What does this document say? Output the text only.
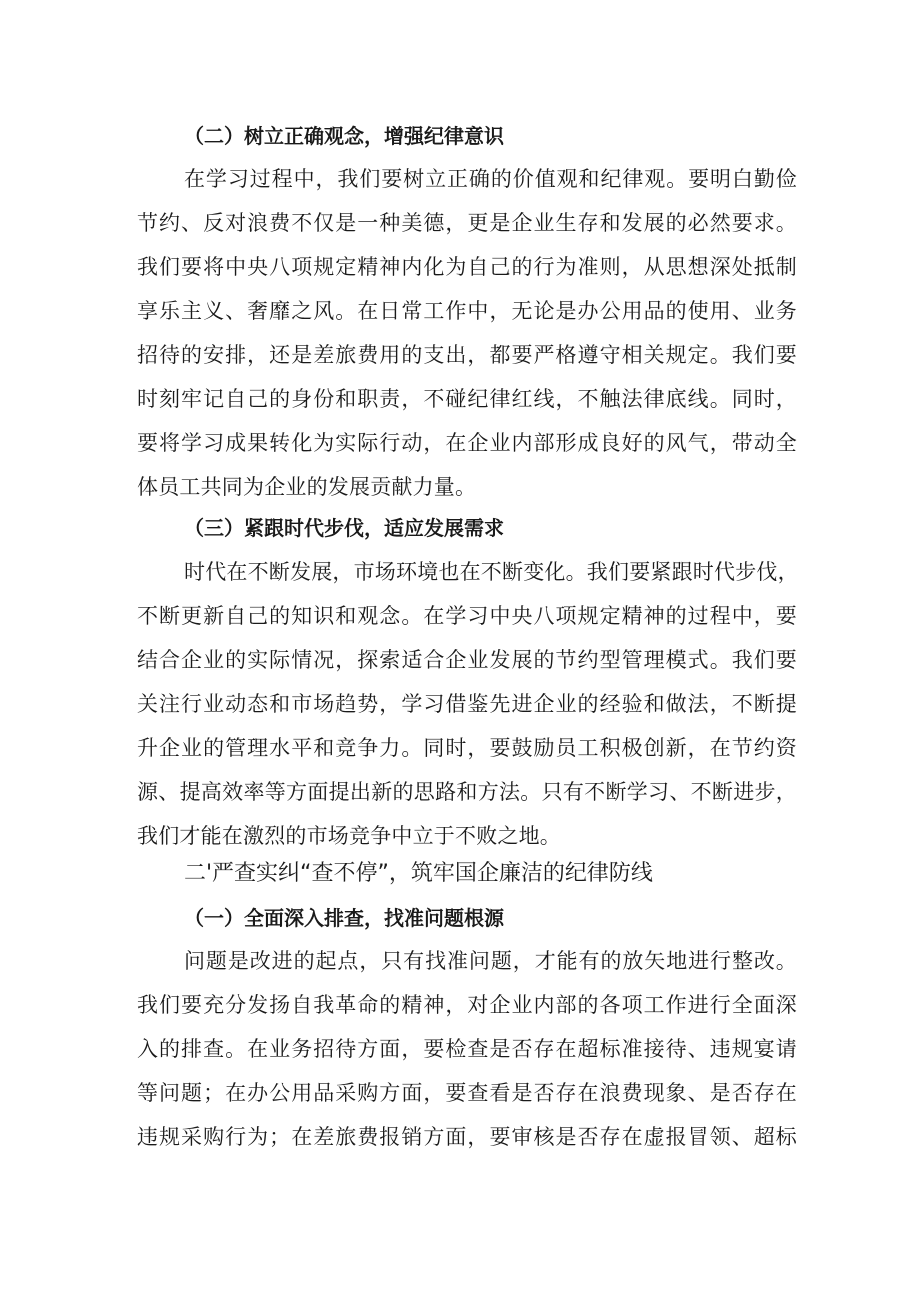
（二）树立正确观念，增强纪律意识
在学习过程中，我们要树立正确的价值观和纪律观。要明白勤俭
节约、反对浪费不仅是一种美德，更是企业生存和发展的必然要求。
我们要将中央八项规定精神内化为自己的行为准则，从思想深处抵制
享乐主义、奢靡之风。在日常工作中，无论是办公用品的使用、业务
招待的安排，还是差旅费用的支出，都要严格遵守相关规定。我们要
时刻牢记自己的身份和职责，不碰纪律红线，不触法律底线。同时，
要将学习成果转化为实际行动，在企业内部形成良好的风气，带动全
体员工共同为企业的发展贡献力量。
（三）紧跟时代步伐，适应发展需求
时代在不断发展，市场环境也在不断变化。我们要紧跟时代步伐，
不断更新自己的知识和观念。在学习中央八项规定精神的过程中，要
结合企业的实际情况，探索适合企业发展的节约型管理模式。我们要
关注行业动态和市场趋势，学习借鉴先进企业的经验和做法，不断提
升企业的管理水平和竞争力。同时，要鼓励员工积极创新，在节约资
源、提高效率等方面提出新的思路和方法。只有不断学习、不断进步，
我们才能在激烈的市场竞争中立于不败之地。
二'严查实纠“查不停”，筑牢国企廉洁的纪律防线
（一）全面深入排查，找准问题根源
问题是改进的起点，只有找准问题，才能有的放矢地进行整改。
我们要充分发扬自我革命的精神，对企业内部的各项工作进行全面深
入的排查。在业务招待方面，要检查是否存在超标准接待、违规宴请
等问题；在办公用品采购方面，要查看是否存在浪费现象、是否存在
违规采购行为；在差旅费报销方面，要审核是否存在虚报冒领、超标
